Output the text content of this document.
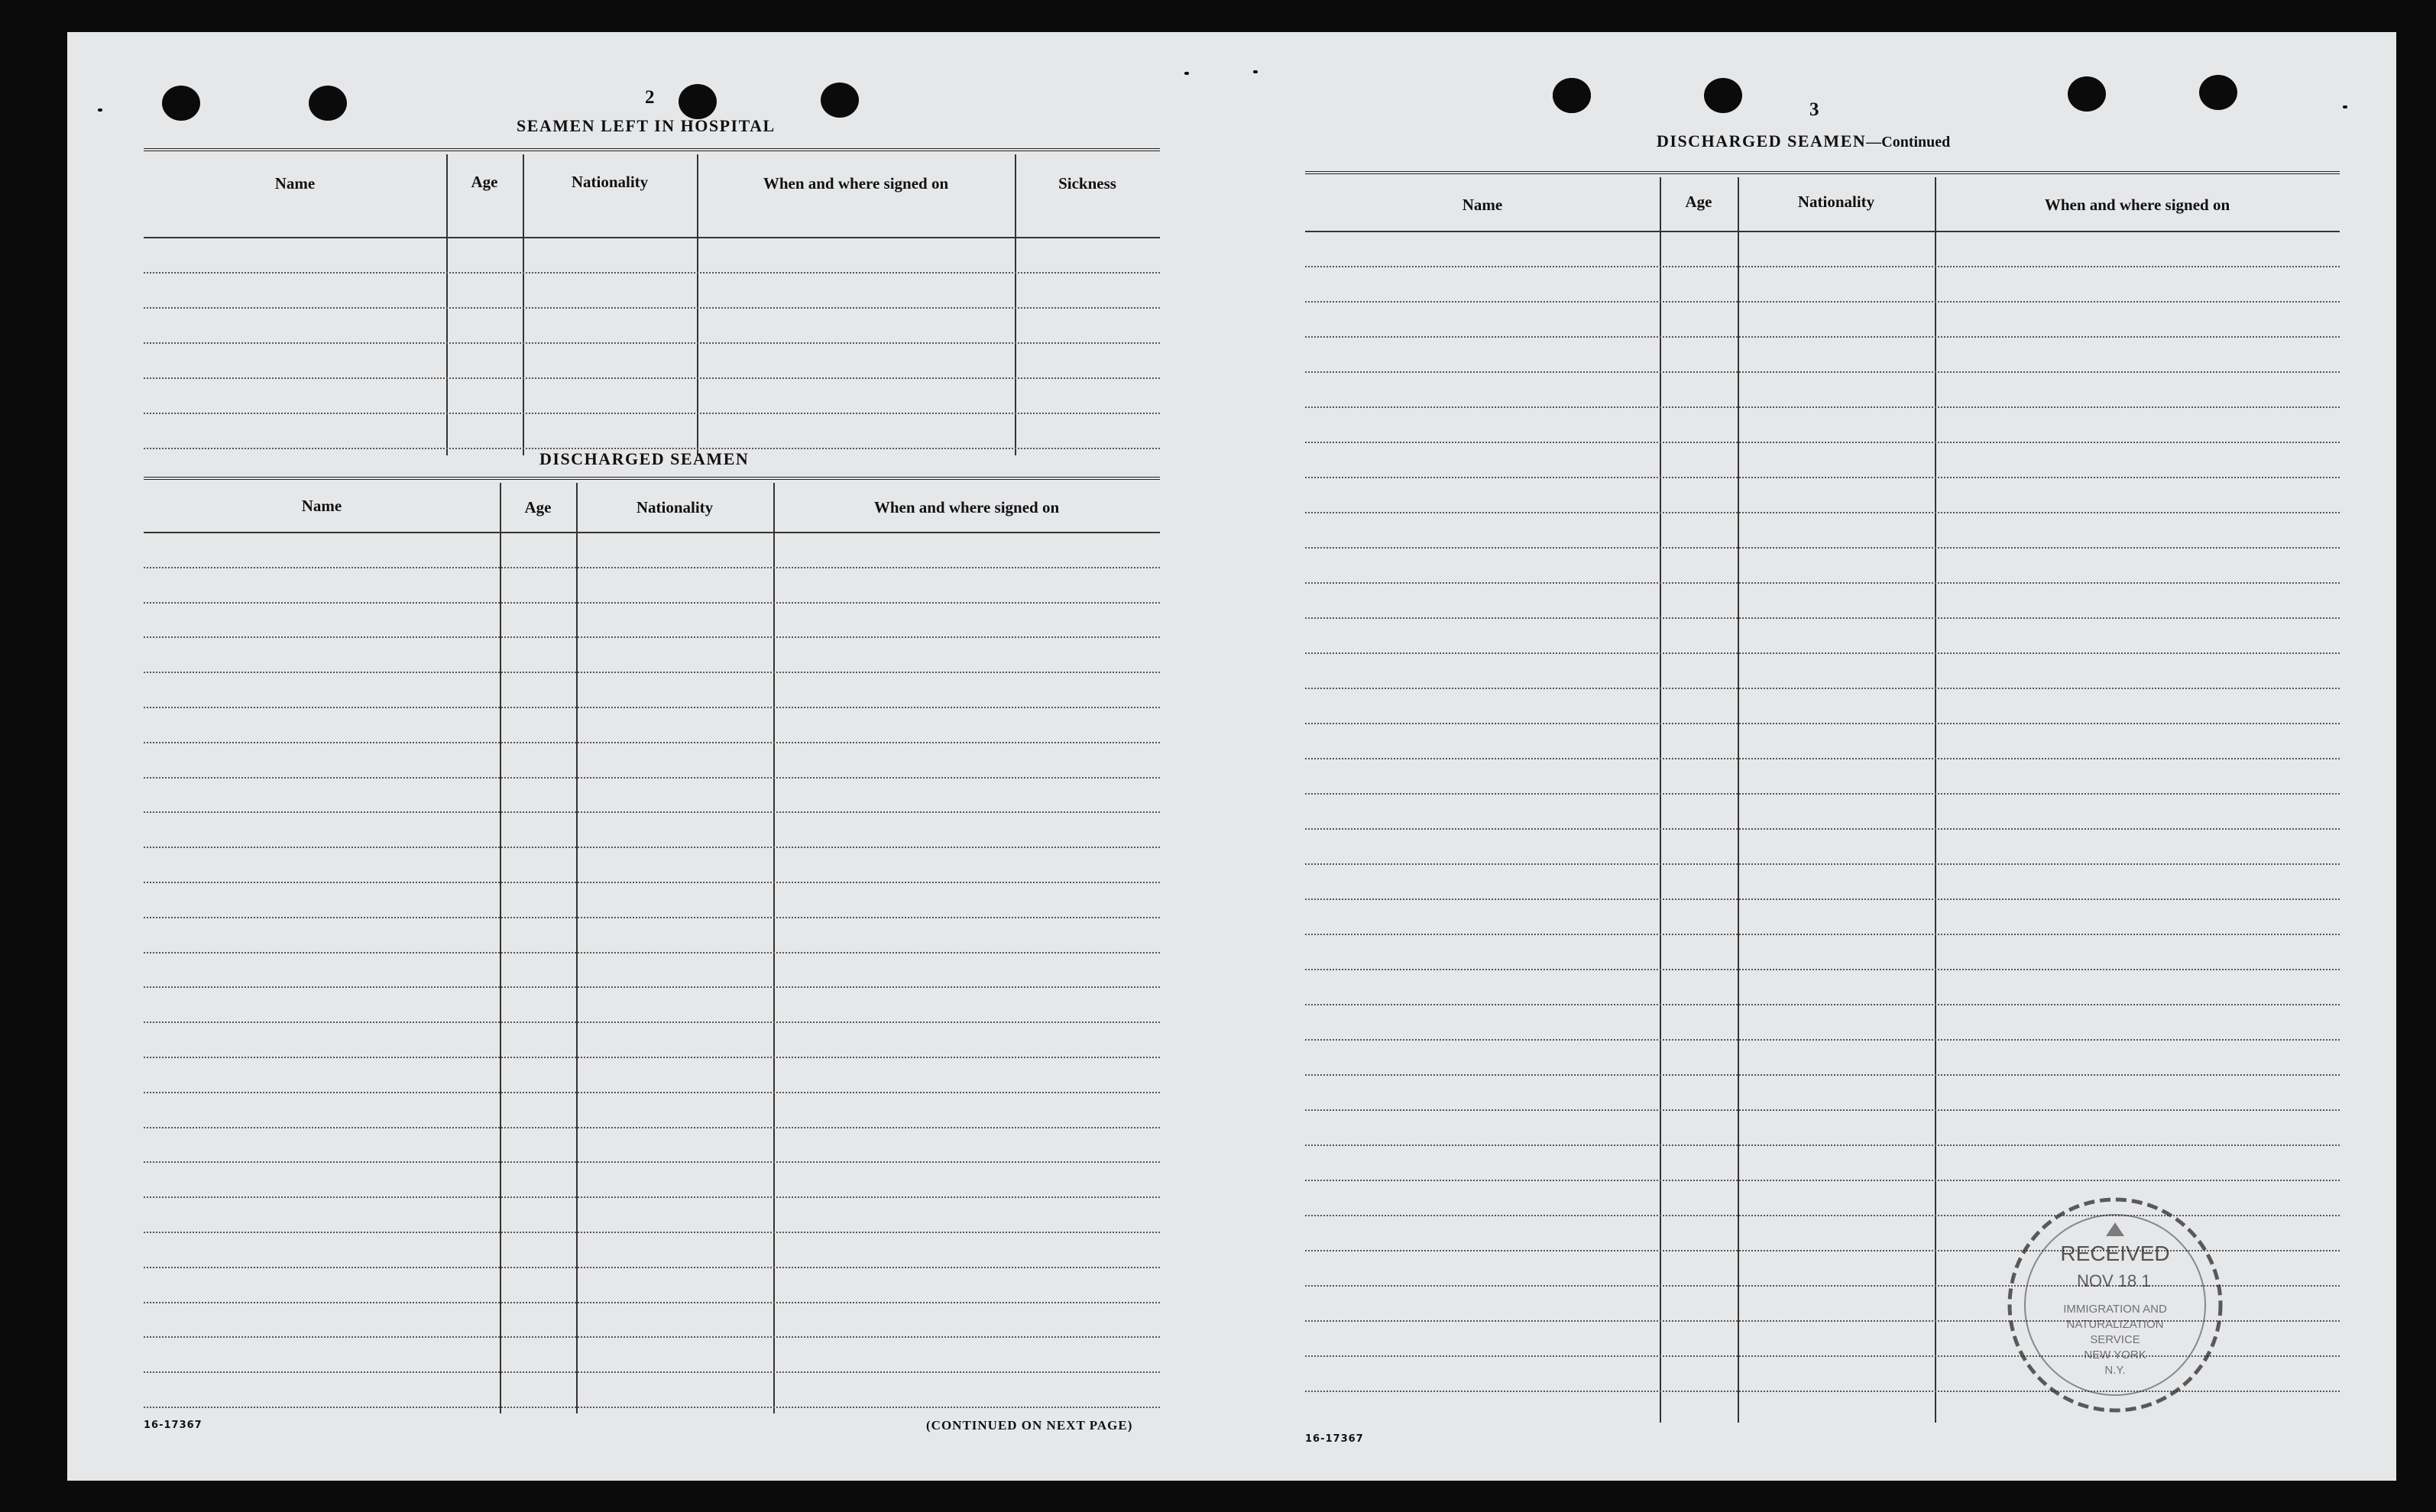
2
SEAMEN LEFT IN HOSPITAL
Name	Age	Nationality	When and where signed on	Sickness
DISCHARGED SEAMEN
Name	Age	Nationality	When and where signed on
16-17367	(CONTINUED ON NEXT PAGE)
3
DISCHARGED SEAMEN—Continued
Name	Age	Nationality	When and where signed on
16-17367
RECEIVED
NOV 18 1
IMMIGRATION AND
NATURALIZATION
SERVICE
NEW YORK
N.Y.
